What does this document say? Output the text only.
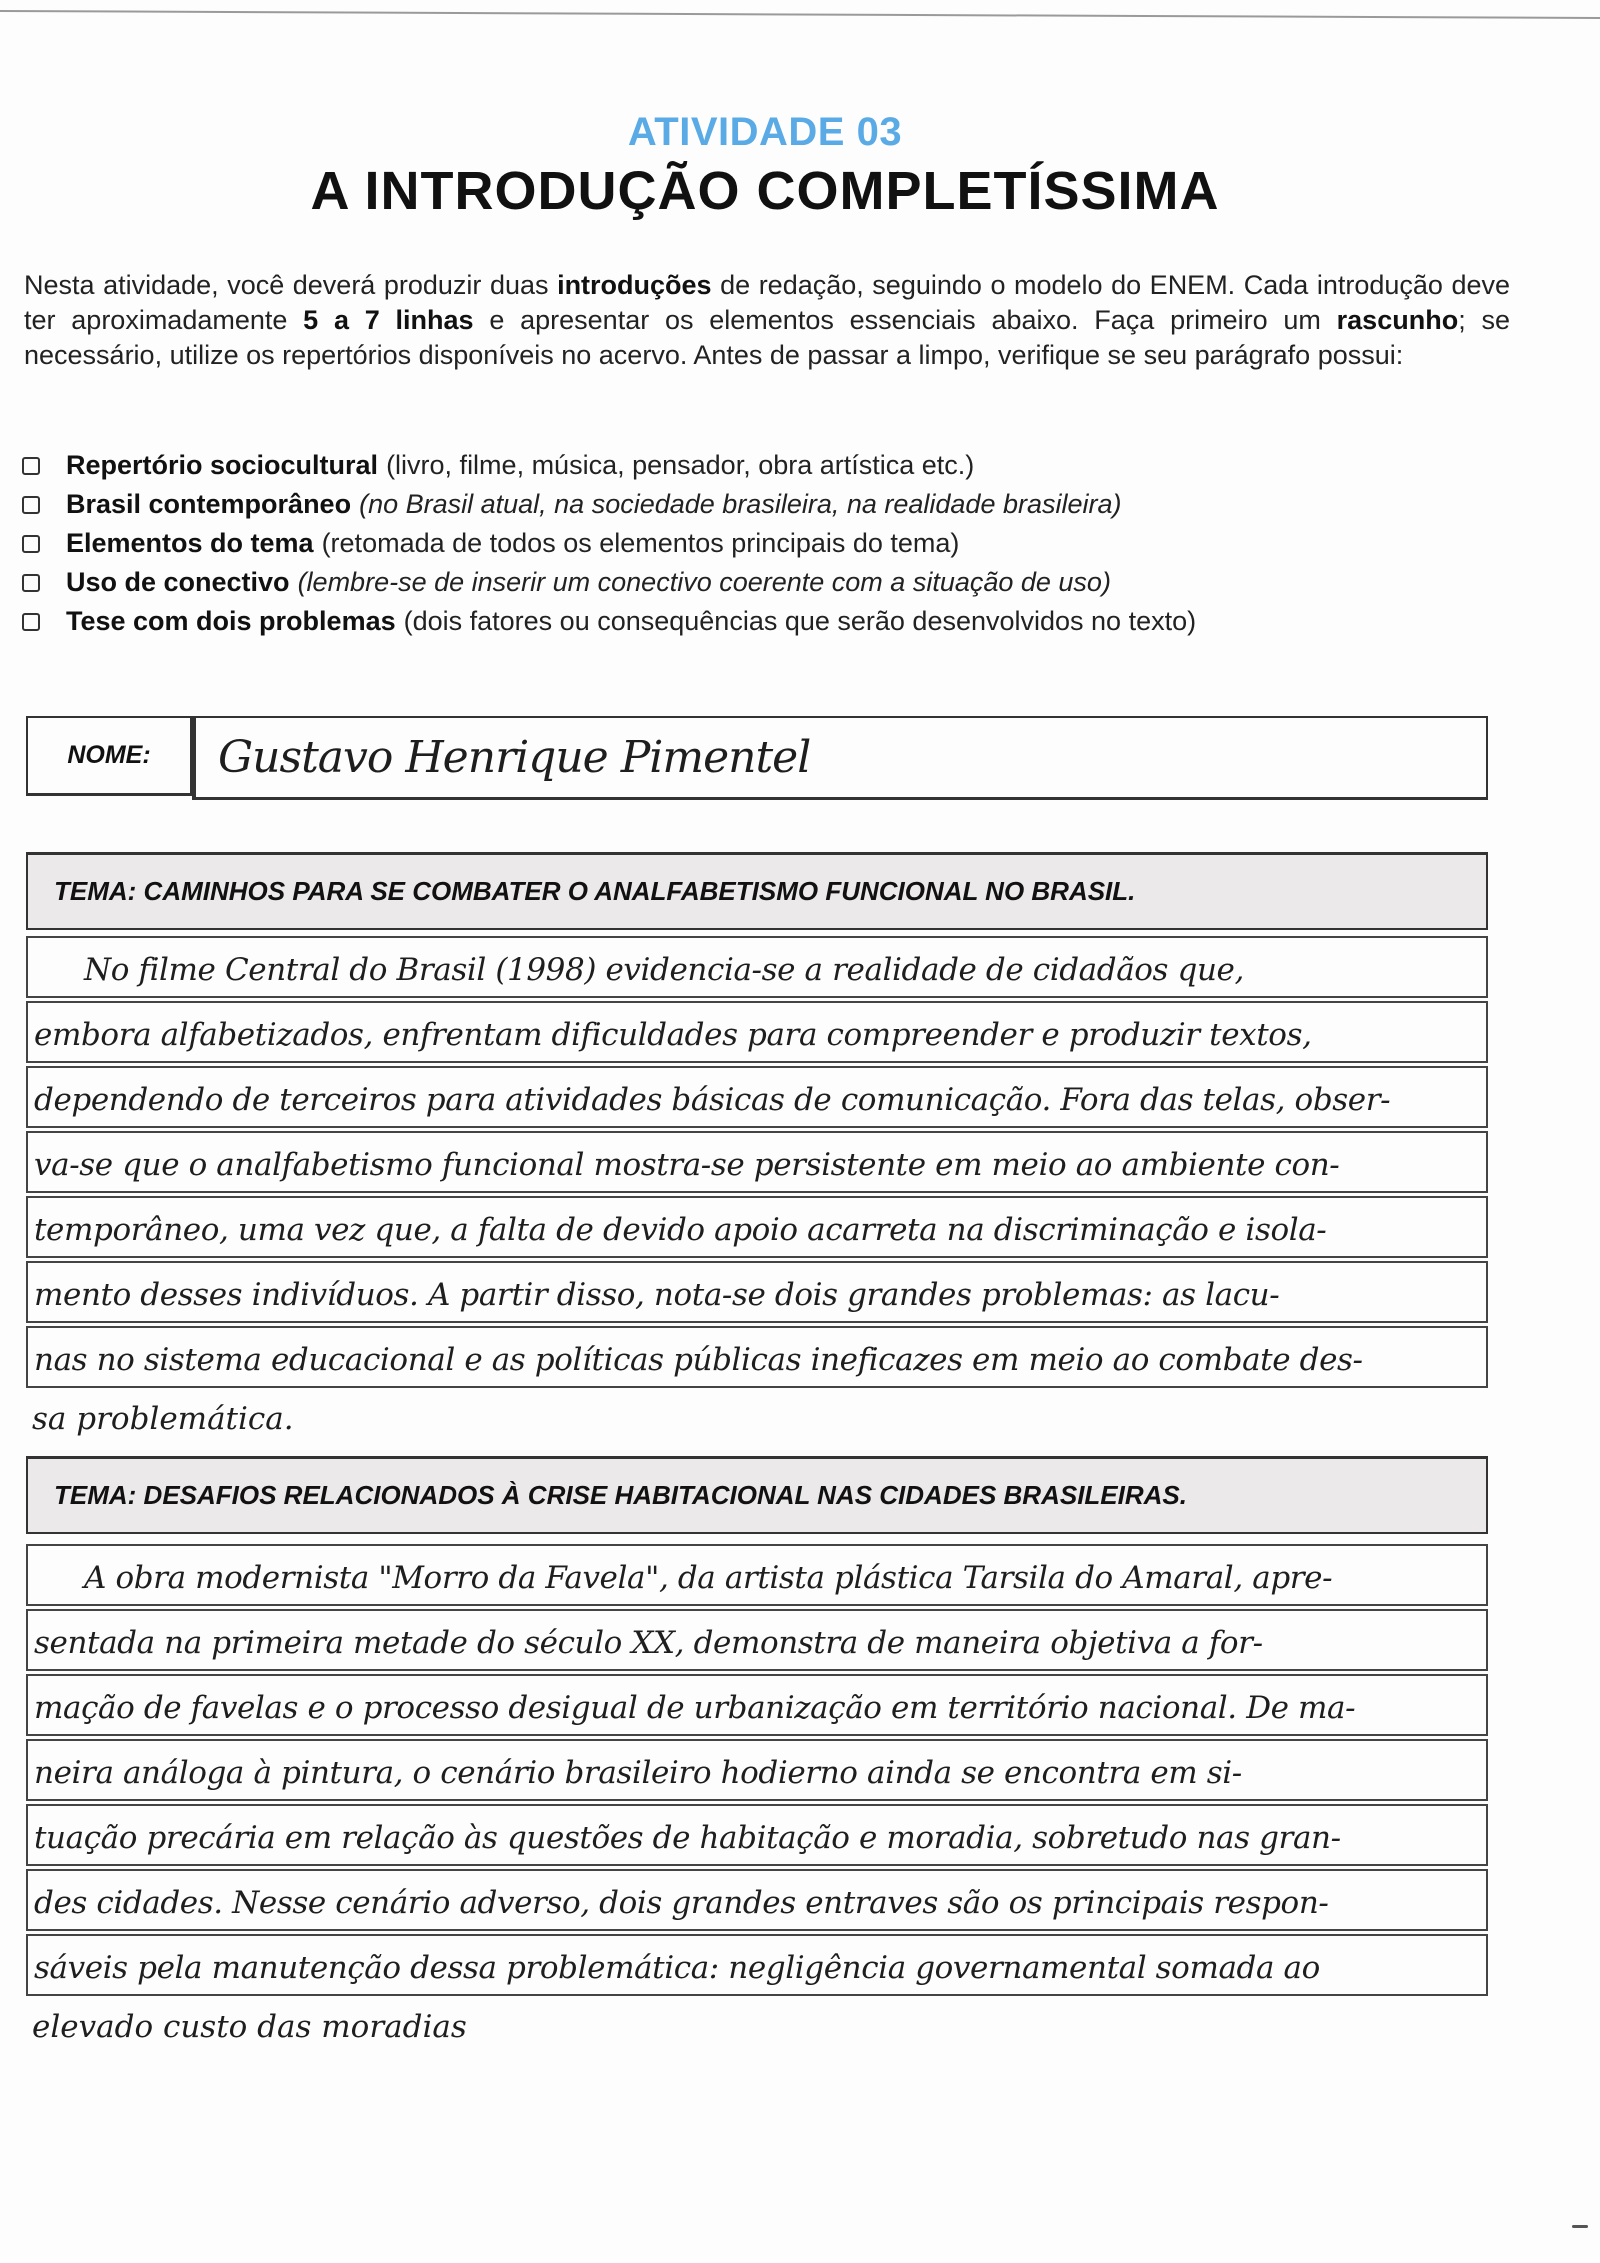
ATIVIDADE 03
A INTRODUÇÃO COMPLETÍSSIMA

Nesta atividade, você deverá produzir duas introduções de redação, seguindo o modelo do ENEM. Cada introdução deve ter aproximadamente 5 a 7 linhas e apresentar os elementos essenciais abaixo. Faça primeiro um rascunho; se necessário, utilize os repertórios disponíveis no acervo. Antes de passar a limpo, verifique se seu parágrafo possui:

Repertório sociocultural (livro, filme, música, pensador, obra artística etc.)
Brasil contemporâneo (no Brasil atual, na sociedade brasileira, na realidade brasileira)
Elementos do tema (retomada de todos os elementos principais do tema)
Uso de conectivo (lembre-se de inserir um conectivo coerente com a situação de uso)
Tese com dois problemas (dois fatores ou consequências que serão desenvolvidos no texto)
NOME:	Gustavo Henrique Pimentel
TEMA: CAMINHOS PARA SE COMBATER O ANALFABETISMO FUNCIONAL NO BRASIL.
No filme Central do Brasil (1998) evidencia-se a realidade de cidadãos que,
embora alfabetizados, enfrentam dificuldades para compreender e produzir textos,
dependendo de terceiros para atividades básicas de comunicação. Fora das telas, obser-
va-se que o analfabetismo funcional mostra-se persistente em meio ao ambiente con-
temporâneo, uma vez que, a falta de devido apoio acarreta na discriminação e isola-
mento desses indivíduos. A partir disso, nota-se dois grandes problemas: as lacu-
nas no sistema educacional e as políticas públicas ineficazes em meio ao combate des-
sa problemática.
TEMA: DESAFIOS RELACIONADOS À CRISE HABITACIONAL NAS CIDADES BRASILEIRAS.
A obra modernista "Morro da Favela", da artista plástica Tarsila do Amaral, apre-
sentada na primeira metade do século XX, demonstra de maneira objetiva a for-
mação de favelas e o processo desigual de urbanização em território nacional. De ma-
neira análoga à pintura, o cenário brasileiro hodierno ainda se encontra em si-
tuação precária em relação às questões de habitação e moradia, sobretudo nas gran-
des cidades. Nesse cenário adverso, dois grandes entraves são os principais respon-
sáveis pela manutenção dessa problemática: negligência governamental somada ao
elevado custo das moradias
